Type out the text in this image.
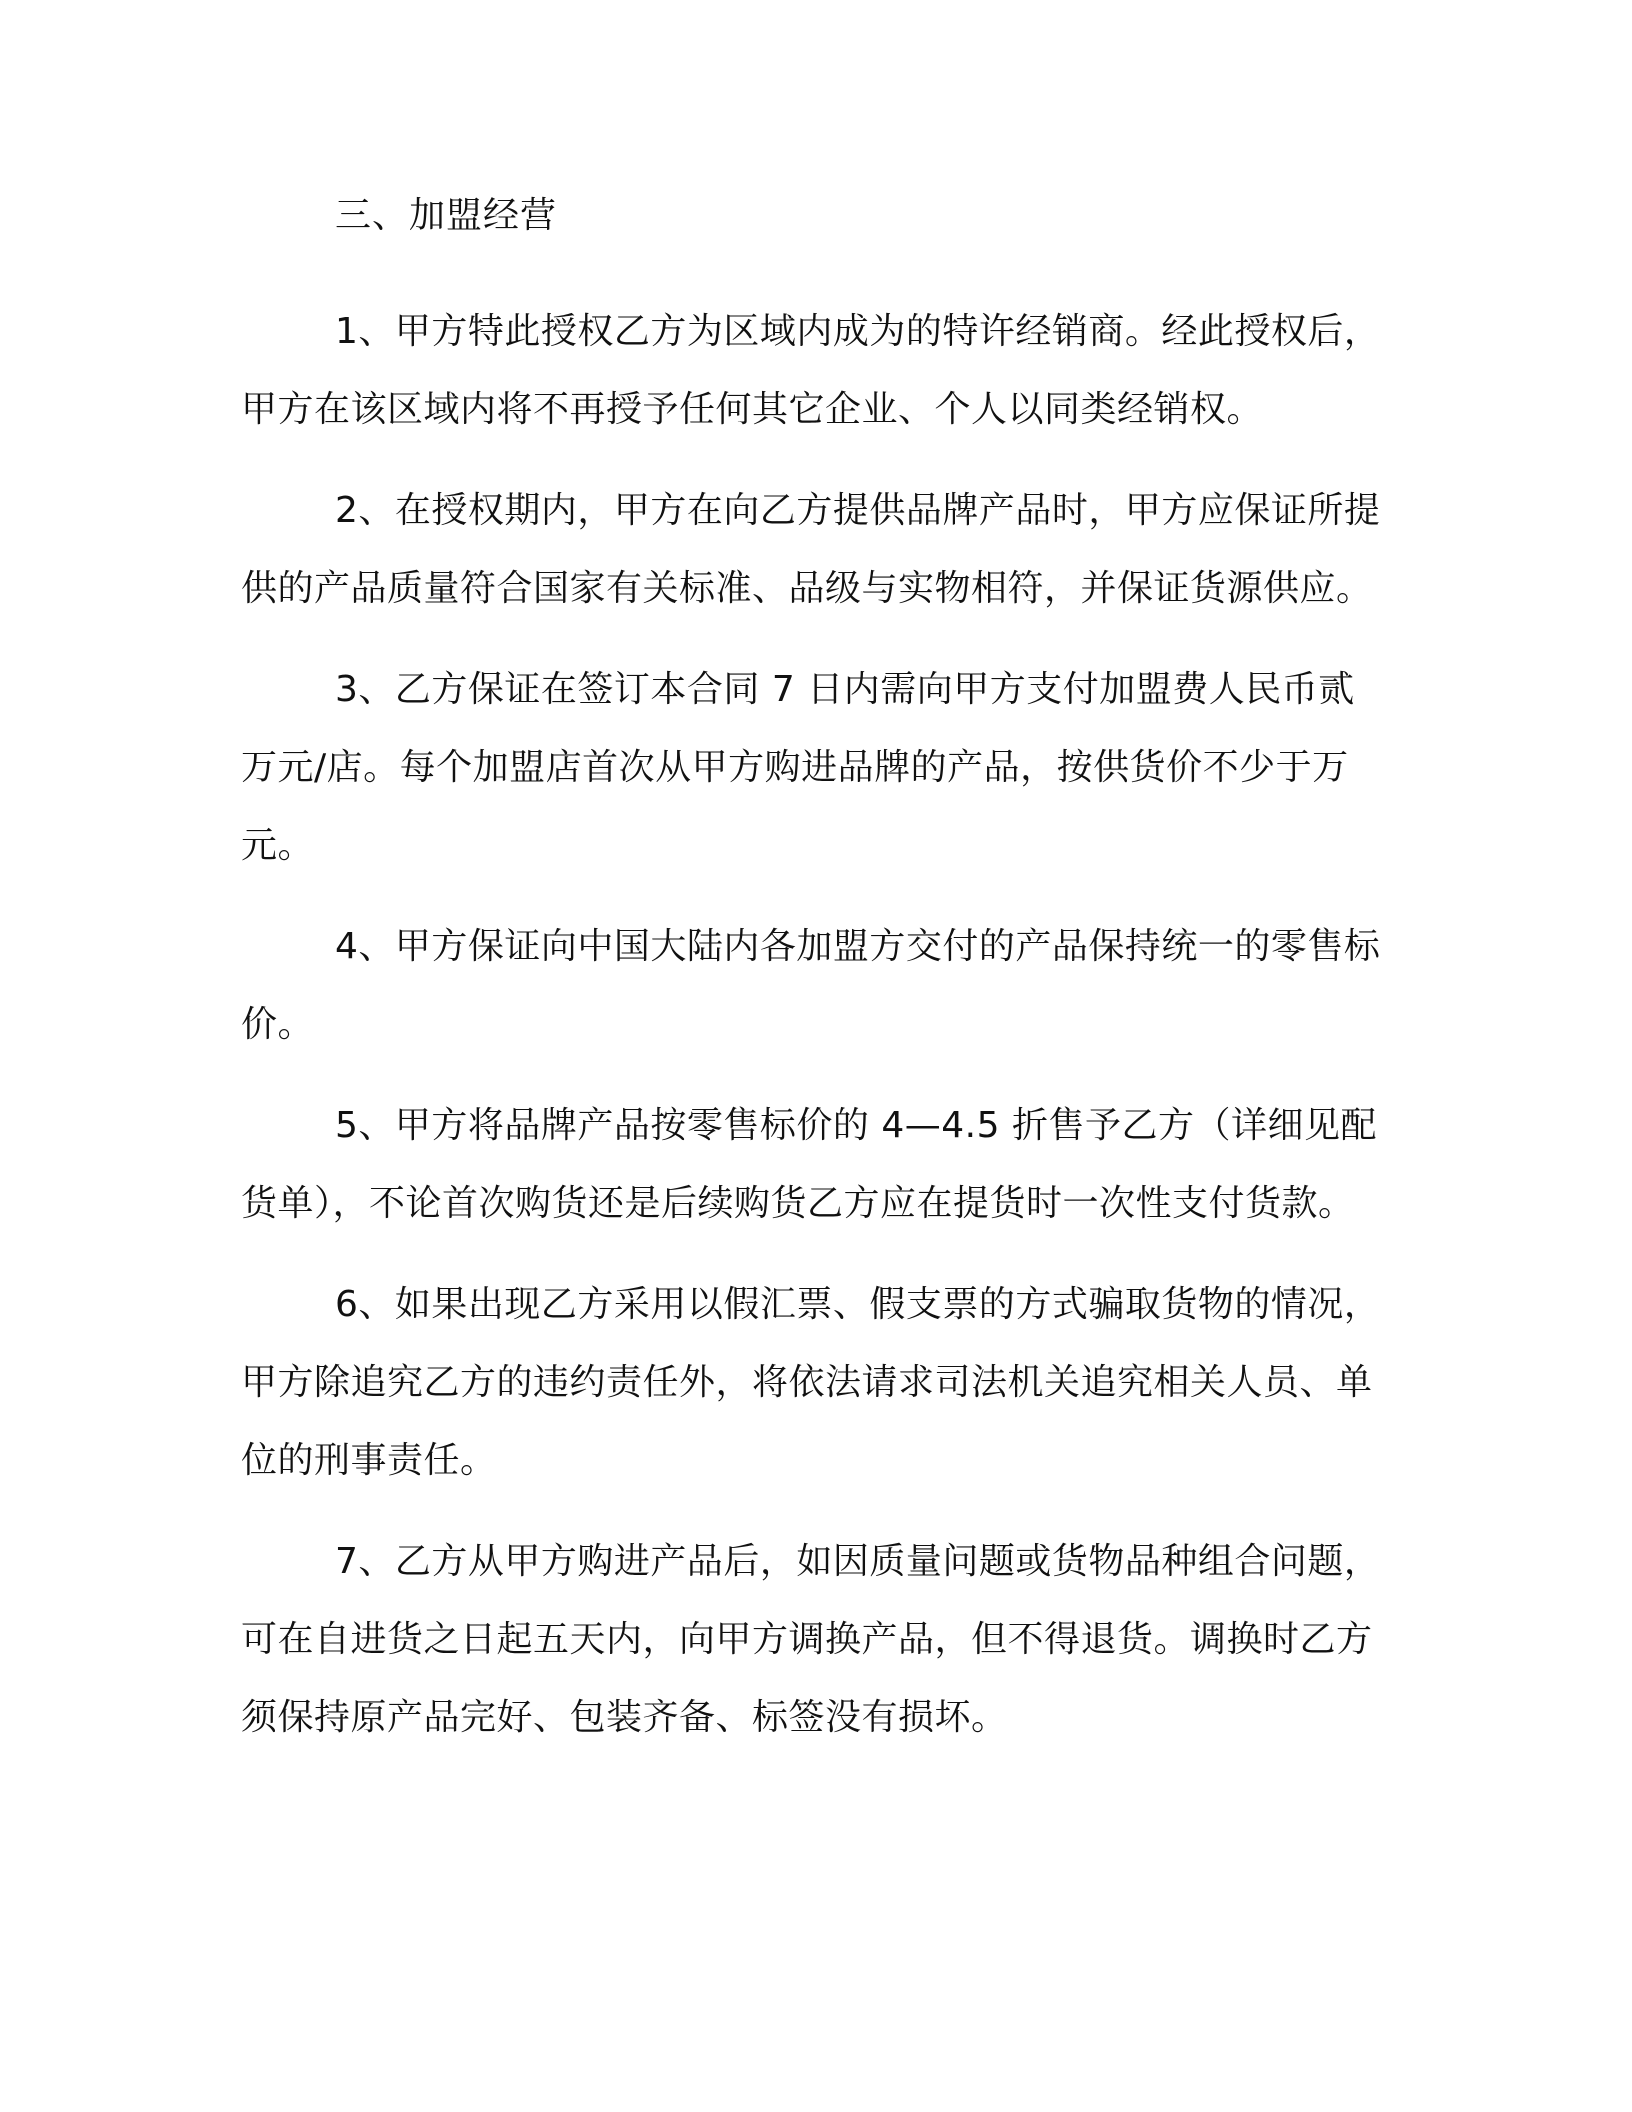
三、加盟经营

1、甲方特此授权乙方为区域内成为的特许经销商。经此授权后，甲方在该区域内将不再授予任何其它企业、个人以同类经销权。

2、在授权期内，甲方在向乙方提供品牌产品时，甲方应保证所提供的产品质量符合国家有关标准、品级与实物相符，并保证货源供应。

3、乙方保证在签订本合同 7 日内需向甲方支付加盟费人民币贰万元/店。每个加盟店首次从甲方购进品牌的产品，按供货价不少于万元。

4、甲方保证向中国大陆内各加盟方交付的产品保持统一的零售标价。

5、甲方将品牌产品按零售标价的 4—4.5 折售予乙方（详细见配货单），不论首次购货还是后续购货乙方应在提货时一次性支付货款。

6、如果出现乙方采用以假汇票、假支票的方式骗取货物的情况，甲方除追究乙方的违约责任外，将依法请求司法机关追究相关人员、单位的刑事责任。

7、乙方从甲方购进产品后，如因质量问题或货物品种组合问题，可在自进货之日起五天内，向甲方调换产品，但不得退货。调换时乙方须保持原产品完好、包装齐备、标签没有损坏。
